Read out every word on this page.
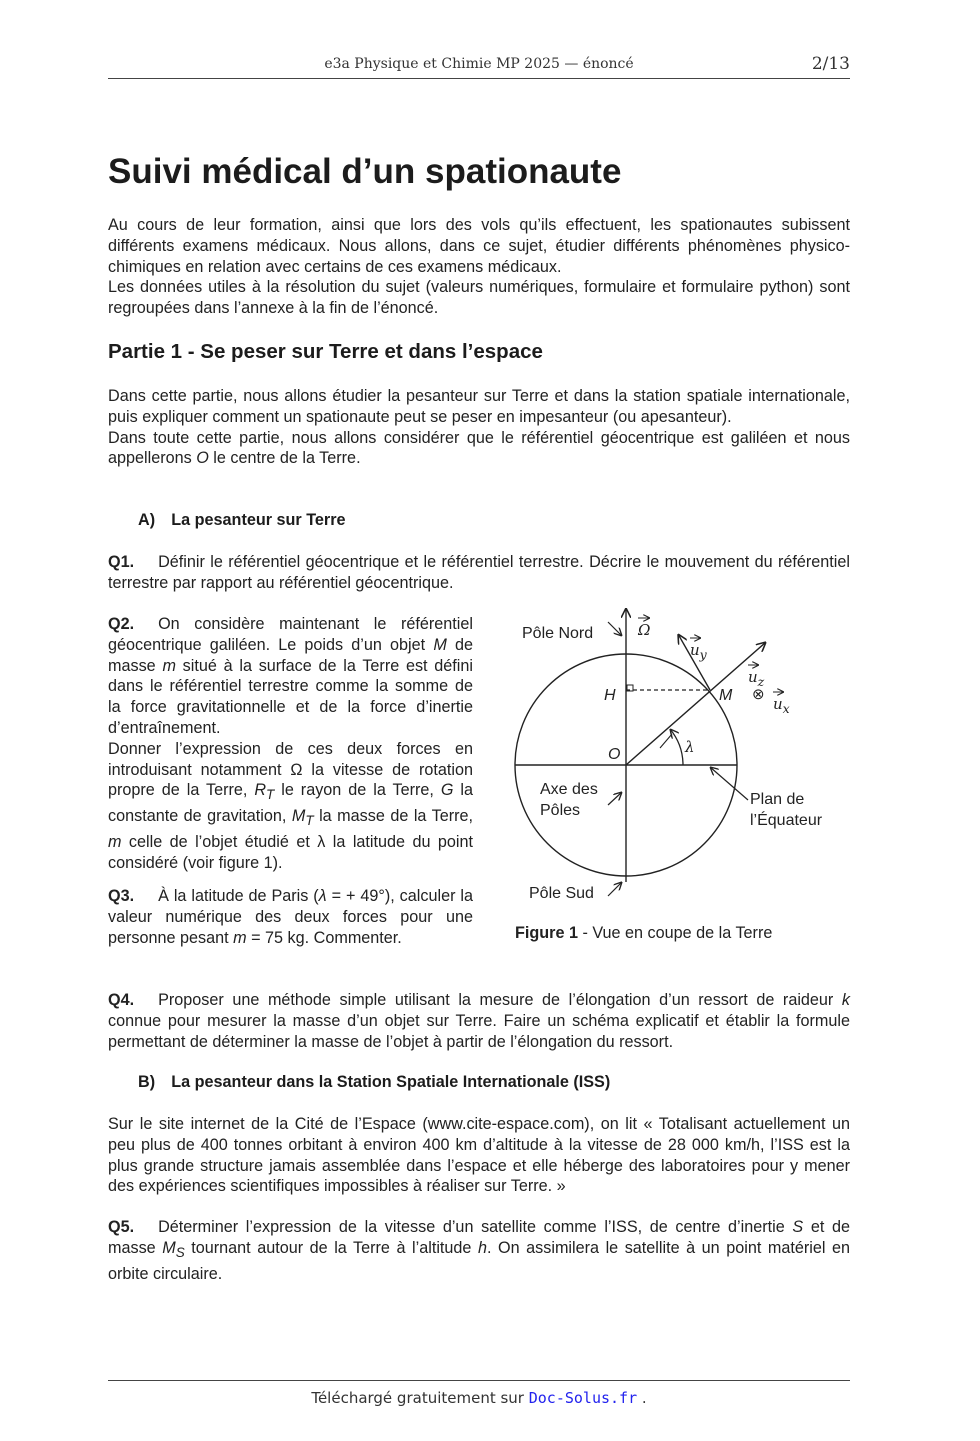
e3a Physique et Chimie MP 2025 — énoncé	2/13
Suivi médical d’un spationaute

Au cours de leur formation, ainsi que lors des vols qu’ils effectuent, les spationautes subissent différents examens médicaux. Nous allons, dans ce sujet, étudier différents phénomènes physico-chimiques en relation avec certains de ces examens médicaux.
Les données utiles à la résolution du sujet (valeurs numériques, formulaire et formulaire python) sont regroupées dans l’annexe à la fin de l’énoncé.

Partie 1 - Se peser sur Terre et dans l’espace

Dans cette partie, nous allons étudier la pesanteur sur Terre et dans la station spatiale internationale, puis expliquer comment un spationaute peut se peser en impesanteur (ou apesanteur).
Dans toute cette partie, nous allons considérer que le référentiel géocentrique est galiléen et nous appellerons O le centre de la Terre.

A) La pesanteur sur Terre

Q1. Définir le référentiel géocentrique et le référentiel terrestre. Décrire le mouvement du référentiel terrestre par rapport au référentiel géocentrique.

Q2. On considère maintenant le référentiel géocentrique galiléen. Le poids d’un objet M de masse m situé à la surface de la Terre est défini dans le référentiel terrestre comme la somme de la force gravitationnelle et de la force d’inertie d’entraînement.
Donner l’expression de ces deux forces en introduisant notamment Ω la vitesse de rotation propre de la Terre, $R_T$ le rayon de la Terre, G la constante de gravitation, $M_T$ la masse de la Terre, m celle de l’objet étudié et λ la latitude du point considéré (voir figure 1).

Q3. À la latitude de Paris (λ = + 49°), calculer la valeur numérique des deux forces pour une personne pesant m = 75 kg. Commenter.

Pôle Nord
Axe des
Pôles
Pôle Sud
Plan de
l’Équateur
H	M
O	λ
Ω
$u_y$
$u_z$
⊗
$u_x$

Figure 1 - Vue en coupe de la Terre

Q4. Proposer une méthode simple utilisant la mesure de l’élongation d’un ressort de raideur k connue pour mesurer la masse d’un objet sur Terre. Faire un schéma explicatif et établir la formule permettant de déterminer la masse de l’objet à partir de l’élongation du ressort.

B) La pesanteur dans la Station Spatiale Internationale (ISS)

Sur le site internet de la Cité de l’Espace (www.cite-espace.com), on lit « Totalisant actuellement un peu plus de 400 tonnes orbitant à environ 400 km d’altitude à la vitesse de 28 000 km/h, l’ISS est la plus grande structure jamais assemblée dans l’espace et elle héberge des laboratoires pour y mener des expériences scientifiques impossibles à réaliser sur Terre. »

Q5. Déterminer l’expression de la vitesse d’un satellite comme l’ISS, de centre d’inertie S et de masse $M_S$ tournant autour de la Terre à l’altitude h. On assimilera le satellite à un point matériel en orbite circulaire.

Téléchargé gratuitement sur Doc-Solus.fr .
